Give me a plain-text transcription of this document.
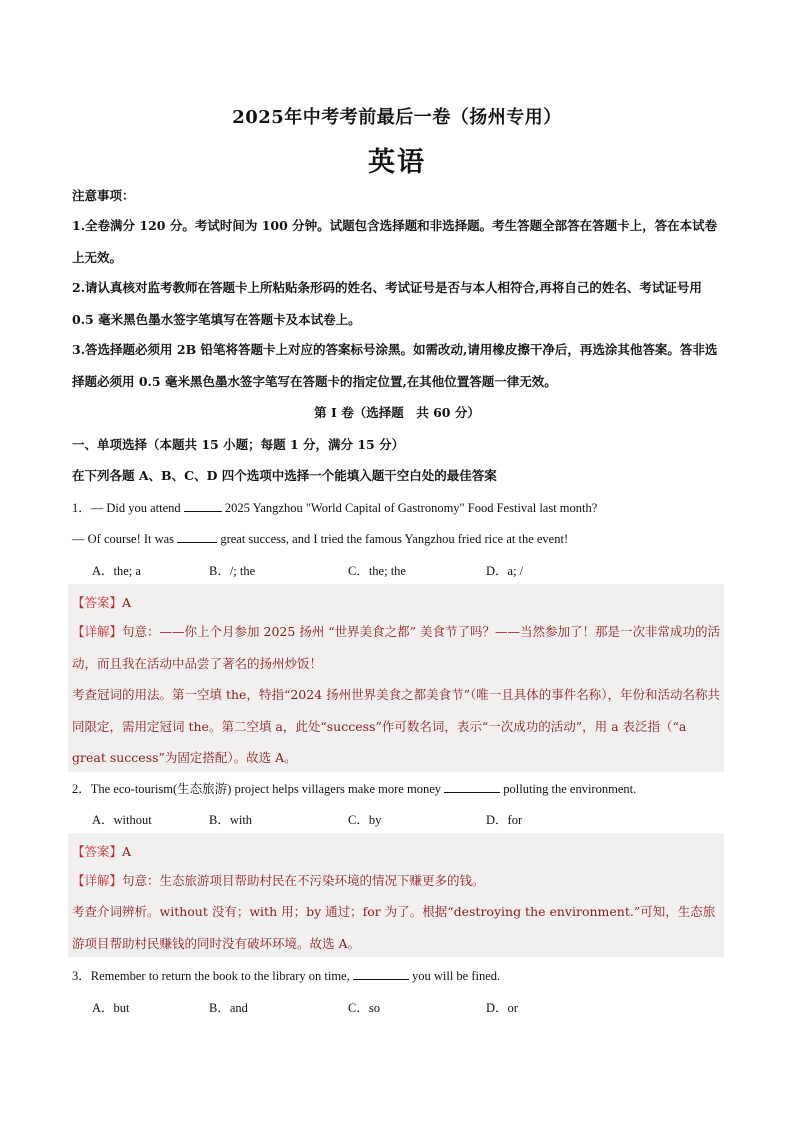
2025年中考考前最后一卷（扬州专用）
英语
注意事项：
1.全卷满分 120 分。考试时间为 100 分钟。试题包含选择题和非选择题。考生答题全部答在答题卡上，答在本试卷上无效。
2.请认真核对监考教师在答题卡上所粘贴条形码的姓名、考试证号是否与本人相符合,再将自己的姓名、考试证号用 0.5 毫米黑色墨水签字笔填写在答题卡及本试卷上。
3.答选择题必须用 2B 铅笔将答题卡上对应的答案标号涂黑。如需改动,请用橡皮擦干净后，再选涂其他答案。答非选择题必须用 0.5 毫米黑色墨水签字笔写在答题卡的指定位置,在其他位置答题一律无效。
第 I 卷（选择题　共 60 分）
一、单项选择（本题共 15 小题；每题 1 分，满分 15 分）
在下列各题 A、B、C、D 四个选项中选择一个能填入题干空白处的最佳答案
1．— Did you attend	2025 Yangzhou "World Capital of Gastronomy" Food Festival last month?
— Of course! It was	great success, and I tried the famous Yangzhou fried rice at the event!
A．the; a	B．/; the	C．the; the	D．a; /
【答案】A
【详解】句意：——你上个月参加 2025 扬州 “世界美食之都” 美食节了吗？——当然参加了！那是一次非常成功的活动，而且我在活动中品尝了著名的扬州炒饭！
考查冠词的用法。第一空填 the，特指“2024 扬州世界美食之都美食节”（唯一且具体的事件名称），年份和活动名称共同限定，需用定冠词 the。第二空填 a，此处“success”作可数名词，表示“一次成功的活动”，用 a 表泛指（“a great success”为固定搭配）。故选 A。
2．The eco-tourism(生态旅游) project helps villagers make more money	polluting the environment.
A．without	B．with	C．by	D．for
【答案】A
【详解】句意：生态旅游项目帮助村民在不污染环境的情况下赚更多的钱。
考查介词辨析。without 没有；with 用；by 通过；for 为了。根据“destroying the environment.”可知，生态旅游项目帮助村民赚钱的同时没有破坏环境。故选 A。
3．Remember to return the book to the library on time,	you will be fined.
A．but	B．and	C．so	D．or
